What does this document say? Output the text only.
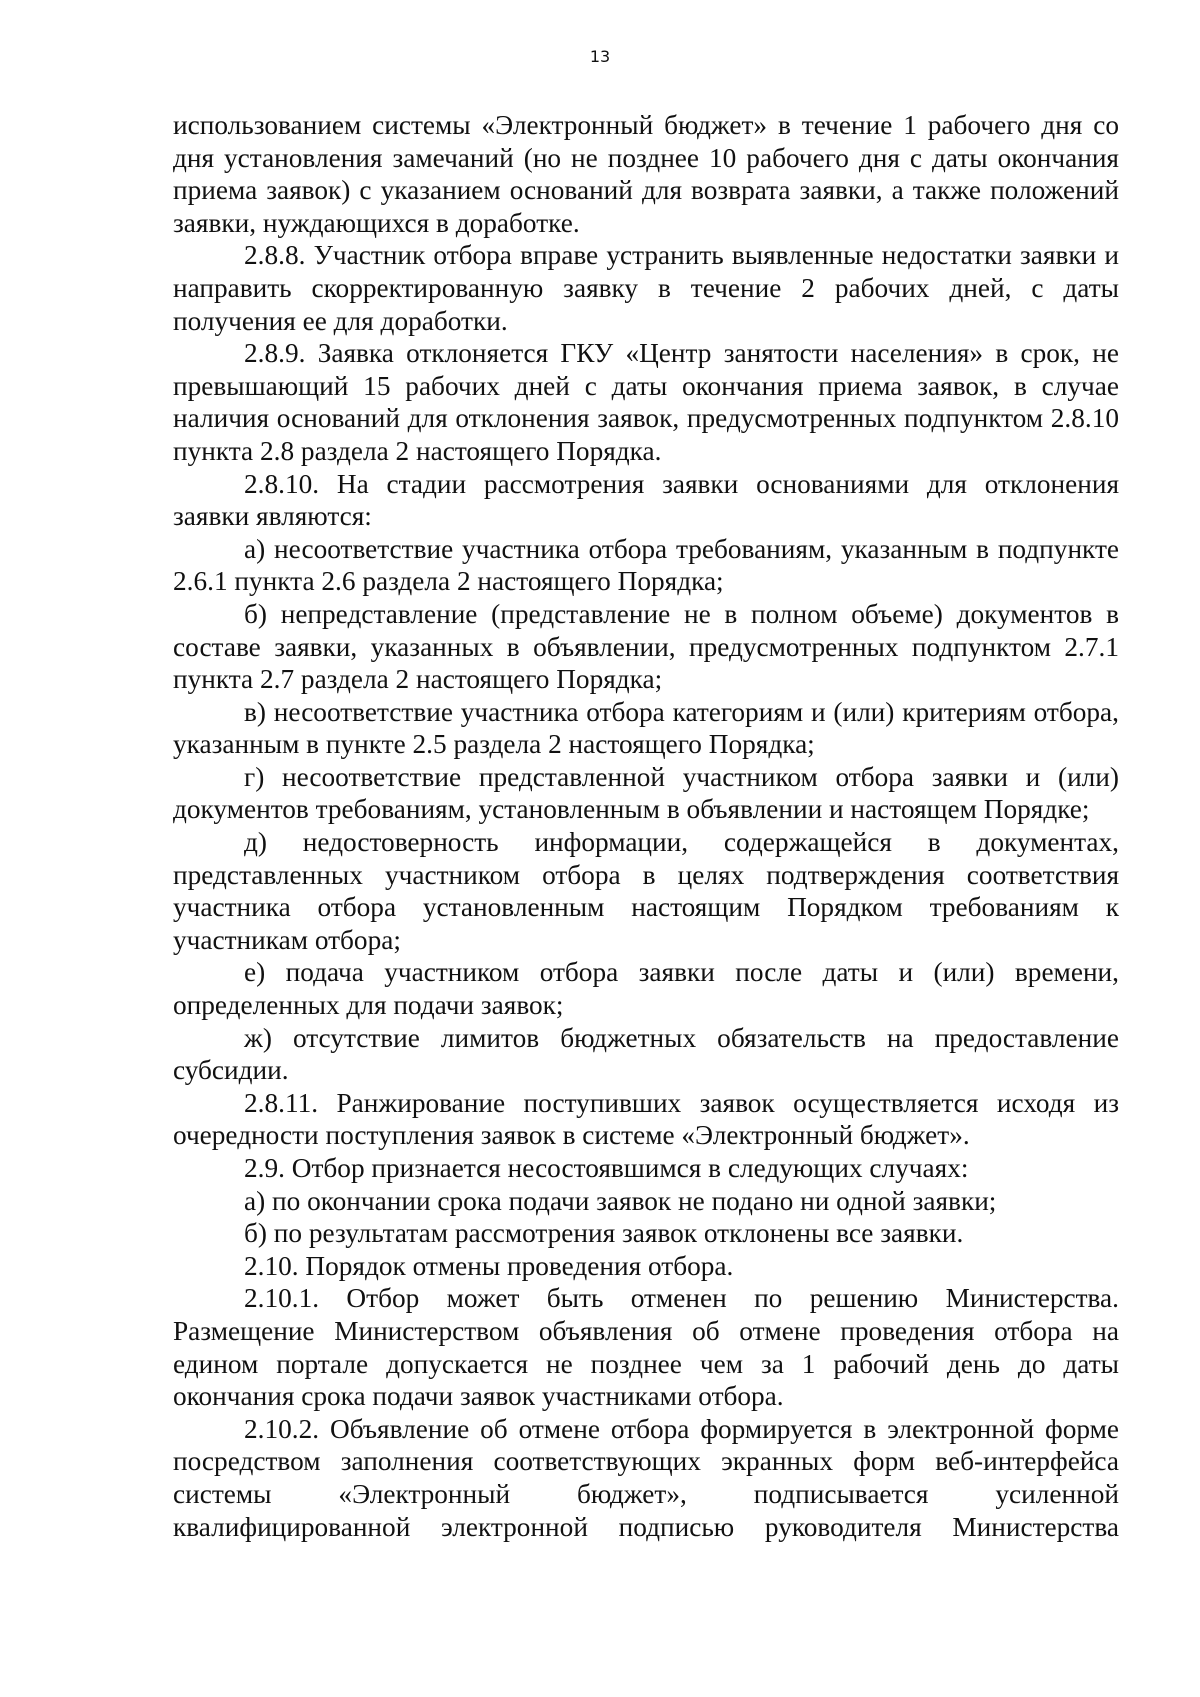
13

использованием системы «Электронный бюджет» в течение 1 рабочего дня со дня установления замечаний (но не позднее 10 рабочего дня с даты окончания приема заявок) с указанием оснований для возврата заявки, а также положений заявки, нуждающихся в доработке.

2.8.8. Участник отбора вправе устранить выявленные недостатки заявки и направить скорректированную заявку в течение 2 рабочих дней, с даты получения ее для доработки.

2.8.9. Заявка отклоняется ГКУ «Центр занятости населения» в срок, не превышающий 15 рабочих дней с даты окончания приема заявок, в случае наличия оснований для отклонения заявок, предусмотренных подпунктом 2.8.10 пункта 2.8 раздела 2 настоящего Порядка.

2.8.10. На стадии рассмотрения заявки основаниями для отклонения заявки являются:

а) несоответствие участника отбора требованиям, указанным в подпункте 2.6.1 пункта 2.6 раздела 2 настоящего Порядка;

б) непредставление (представление не в полном объеме) документов в составе заявки, указанных в объявлении, предусмотренных подпунктом 2.7.1 пункта 2.7 раздела 2 настоящего Порядка;

в) несоответствие участника отбора категориям и (или) критериям отбора, указанным в пункте 2.5 раздела 2 настоящего Порядка;

г) несоответствие представленной участником отбора заявки и (или) документов требованиям, установленным в объявлении и настоящем Порядке;

д) недостоверность информации, содержащейся в документах, представленных участником отбора в целях подтверждения соответствия участника отбора установленным настоящим Порядком требованиям к участникам отбора;

е) подача участником отбора заявки после даты и (или) времени, определенных для подачи заявок;

ж) отсутствие лимитов бюджетных обязательств на предоставление субсидии.

2.8.11. Ранжирование поступивших заявок осуществляется исходя из очередности поступления заявок в системе «Электронный бюджет».

2.9. Отбор признается несостоявшимся в следующих случаях:

а) по окончании срока подачи заявок не подано ни одной заявки;

б) по результатам рассмотрения заявок отклонены все заявки.

2.10. Порядок отмены проведения отбора.

2.10.1. Отбор может быть отменен по решению Министерства. Размещение Министерством объявления об отмене проведения отбора на едином портале допускается не позднее чем за 1 рабочий день до даты окончания срока подачи заявок участниками отбора.

2.10.2. Объявление об отмене отбора формируется в электронной форме посредством заполнения соответствующих экранных форм веб-интерфейса системы «Электронный бюджет», подписывается усиленной квалифицированной электронной подписью руководителя Министерства
